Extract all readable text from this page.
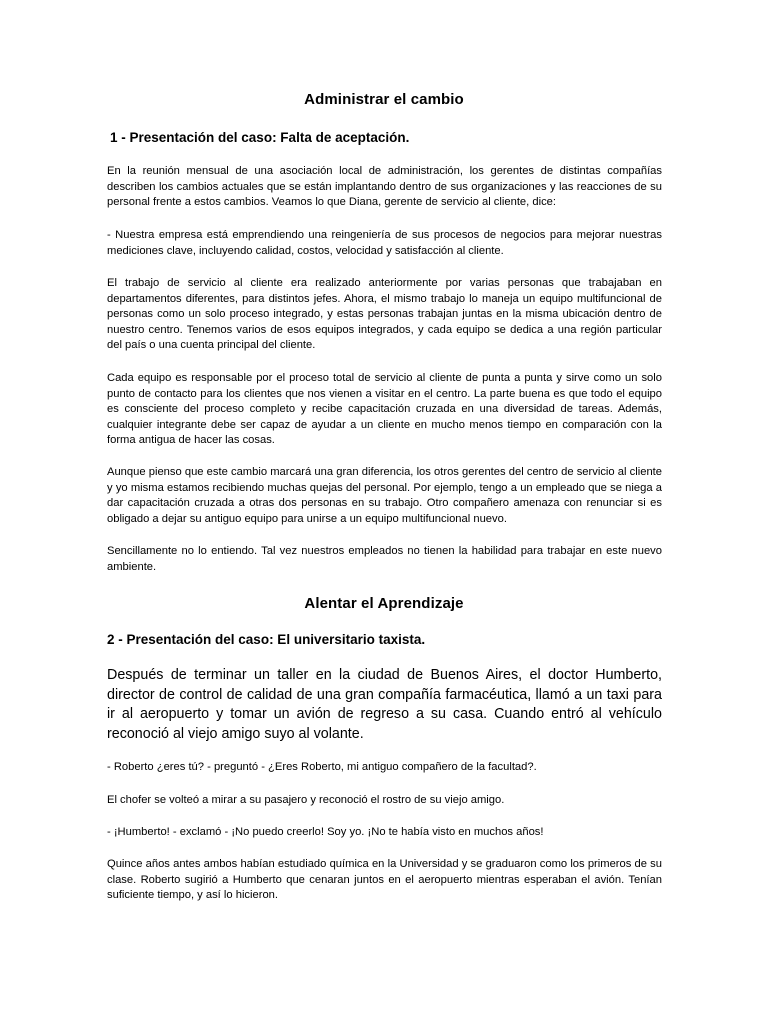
Administrar el cambio
1 - Presentación del caso: Falta de aceptación.

En la reunión mensual de una asociación local de administración, los gerentes de distintas compañías describen los cambios actuales que se están implantando dentro de sus organizaciones y las reacciones de su personal frente a estos cambios. Veamos lo que Diana, gerente de servicio al cliente, dice:

- Nuestra empresa está emprendiendo una reingeniería de sus procesos de negocios para mejorar nuestras mediciones clave, incluyendo calidad, costos, velocidad y satisfacción al cliente.

El trabajo de servicio al cliente era realizado anteriormente por varias personas que trabajaban en departamentos diferentes, para distintos jefes. Ahora, el mismo trabajo lo maneja un equipo multifuncional de personas como un solo proceso integrado, y estas personas trabajan juntas en la misma ubicación dentro de nuestro centro. Tenemos varios de esos equipos integrados, y cada equipo se dedica a una región particular del país o una cuenta principal del cliente.

Cada equipo es responsable por el proceso total de servicio al cliente de punta a punta y sirve como un solo punto de contacto para los clientes que nos vienen a visitar en el centro. La parte buena es que todo el equipo es consciente del proceso completo y recibe capacitación cruzada en una diversidad de tareas. Además, cualquier integrante debe ser capaz de ayudar a un cliente en mucho menos tiempo en comparación con la forma antigua de hacer las cosas.

Aunque pienso que este cambio marcará una gran diferencia, los otros gerentes del centro de servicio al cliente y yo misma estamos recibiendo muchas quejas del personal. Por ejemplo, tengo a un empleado que se niega a dar capacitación cruzada a otras dos personas en su trabajo. Otro compañero amenaza con renunciar si es obligado a dejar su antiguo equipo para unirse a un equipo multifuncional nuevo.

Sencillamente no lo entiendo. Tal vez nuestros empleados no tienen la habilidad para trabajar en este nuevo ambiente.

Alentar el Aprendizaje
2 - Presentación del caso: El universitario taxista.

Después de terminar un taller en la ciudad de Buenos Aires, el doctor Humberto, director de control de calidad de una gran compañía farmacéutica, llamó a un taxi para ir al aeropuerto y tomar un avión de regreso a su casa. Cuando entró al vehículo reconoció al viejo amigo suyo al volante.

- Roberto ¿eres tú? - preguntó - ¿Eres Roberto, mi antiguo compañero de la facultad?.

El chofer se volteó a mirar a su pasajero y reconoció el rostro de su viejo amigo.

- ¡Humberto! - exclamó - ¡No puedo creerlo! Soy yo. ¡No te había visto en muchos años!

Quince años antes ambos habían estudiado química en la Universidad y se graduaron como los primeros de su clase. Roberto sugirió a Humberto que cenaran juntos en el aeropuerto mientras esperaban el avión. Tenían suficiente tiempo, y así lo hicieron.
